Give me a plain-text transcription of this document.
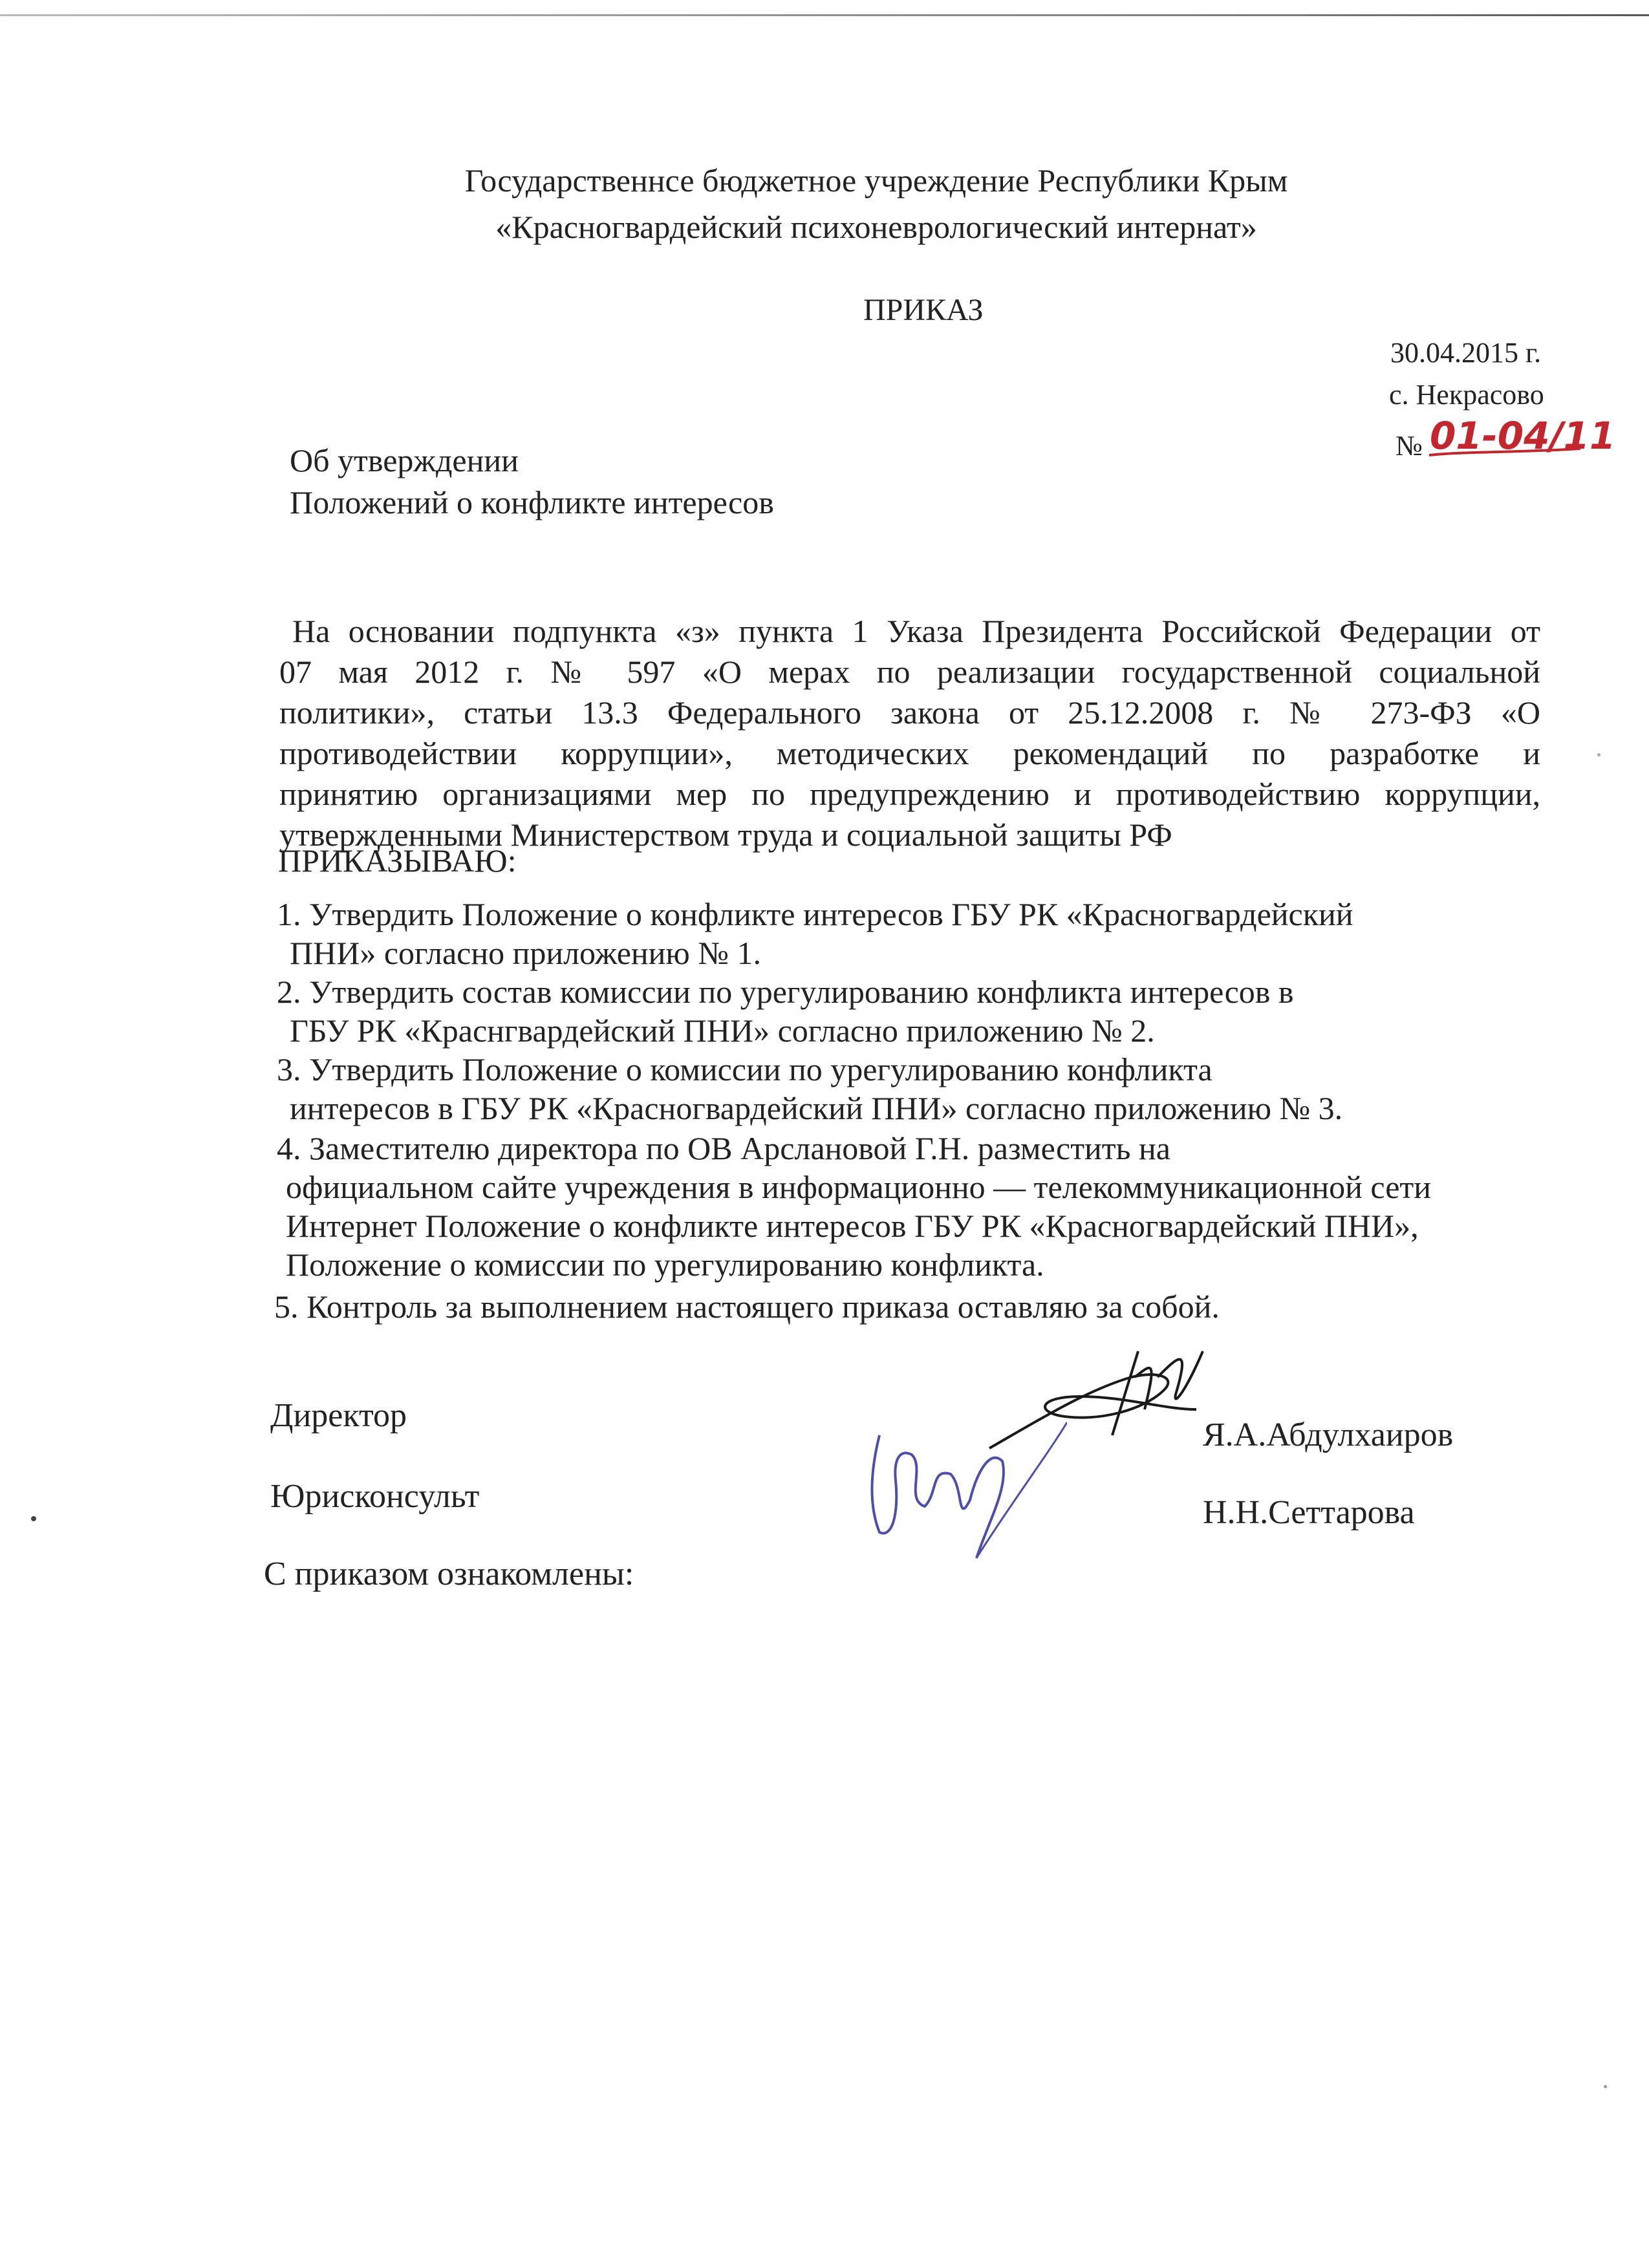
Государственнсе бюджетное учреждение Республики Крым
«Красногвардейский психоневрологический интернат»
ПРИКАЗ
30.04.2015 г.
с. Некрасово
№ 01-04/11
Об утверждении
Положений о конфликте интересов
На основании подпункта «з» пункта 1 Указа Президента Российской Федерации от
07 мая 2012 г. № 597 «О мерах по реализации государственной социальной
политики», статьи 13.3 Федерального закона от 25.12.2008 г. № 273-ФЗ «О
противодействии коррупции», методических рекомендаций по разработке и
принятию организациями мер по предупреждению и противодействию коррупции,
утвержденными Министерством труда и социальной защиты РФ
ПРИКАЗЫВАЮ:
1. Утвердить Положение о конфликте интересов ГБУ РК «Красногвардейский
ПНИ» согласно приложению № 1.
2. Утвердить состав комиссии по урегулированию конфликта интересов в
ГБУ РК «Краснгвардейский ПНИ» согласно приложению № 2.
3. Утвердить Положение о комиссии по урегулированию конфликта
интересов в ГБУ РК «Красногвардейский ПНИ» согласно приложению № 3.
4. Заместителю директора по ОВ Арслановой Г.Н. разместить на
официальном сайте учреждения в информационно — телекоммуникационной сети
Интернет Положение о конфликте интересов ГБУ РК «Красногвардейский ПНИ»,
Положение о комиссии по урегулированию конфликта.
5. Контроль за выполнением настоящего приказа оставляю за собой.
Директор
Я.А.Абдулхаиров
Юрисконсульт	Н.Н.Сеттарова
С приказом ознакомлены:
